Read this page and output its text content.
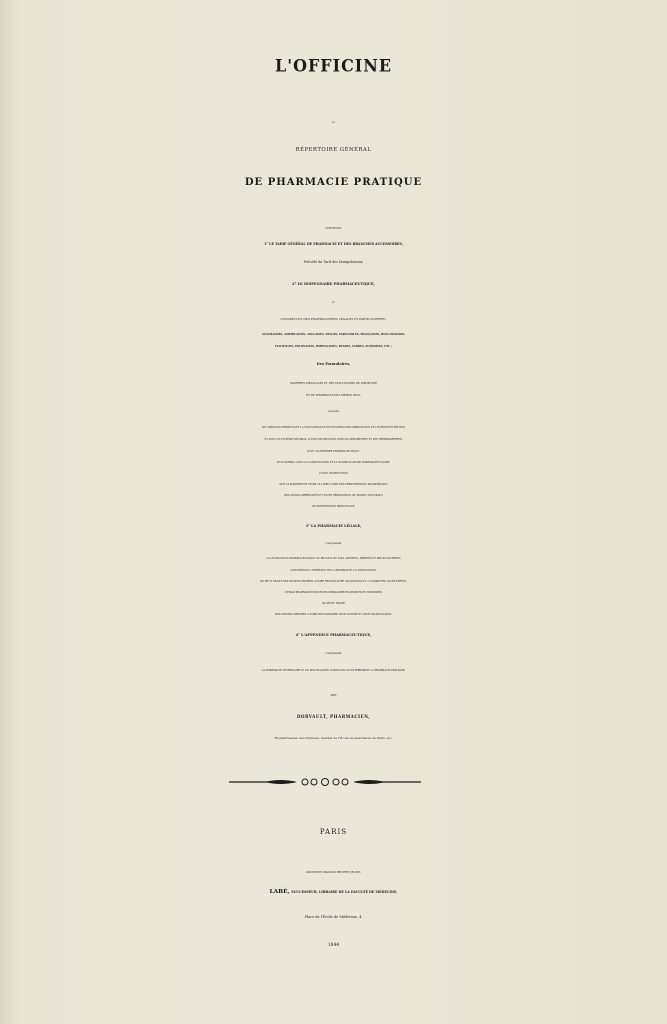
L'OFFICINE
OU
RÉPERTOIRE GÉNÉRAL
DE PHARMACIE PRATIQUE
CONTENANT
1° LE TARIF GÉNÉRAL DE PHARMACIE ET DES BRANCHES ACCESSOIRES,
Précédé du Tarif des Manipulations;
2° LE DISPENSAIRE PHARMACEUTIQUE,
OU
CONSPECTUS DES PHARMACOPÉES LÉGALES ET PARTICULIÈRES :
ALLEMANDES, AMÉRICAINES, ANGLAISES, BELGES, ESPAGNOLES, FRANÇAISES, HOLLANDAISES,
ITALIENNES, POLONAISES, PORTUGAISES, RUSSES, SARDES, SUÉDOISES, ETC.;
Des Formulaires,
MATIÈRES MÉDICALES ET RECUEILS DIVERS DE MÉDECINE
ET DE PHARMACIE DES MÊMES PAYS;
précédé
DE TABLEAUX PRÉSENTANT LA CONCORDANCE DES DIVERS POIDS MÉDICINAUX DE L'EUROPE ENTRE EUX
ET AVEC LE SYSTÈME DÉCIMAL; D'UNE INSTRUCTION SUR LES ARÉOMÈTRES ET LES THERMOMÈTRES;
D'UN CALENDRIER PHARMACEUTIQUE;
D'UN APERÇU SUR LA CLASSIFICATION ET LA NOMENCLATURE PHARMACEUTIQUES;
D'UNE INSTRUCTION
SUR LA MANIÈRE DE TENIR LE LIVRE-COPIE DES PRESCRIPTIONS MAGISTRALES;
DES SIGNES ABRÉVIATIFS ET D'UNE PROPOSITION DE SIGNES NOUVEAUX
DE PONDÉRATION MÉDICINALE;
3° LA PHARMACIE LÉGALE,
comprenant
LA LÉGISLATION PHARMACEUTIQUE OU RECUEIL DE LOIS, DÉCRETS, ARRÊTÉS ET PIÈCES DIVERSES
CONCERNANT L'EXERCICE DE LA PHARMACIE; LA TOXICOLOGIE,
OU PETIT TRAITÉ DES MOYENS PROPRES A FAIRE RECONNAITRE LES POISONS ET A COMBATTRE LEURS EFFETS;
L'ESSAI PHARMACEUTIQUE DES MÉDICAMENTS SIMPLES ET COMPOSÉS,
OU PETIT TRAITÉ
DES MOYENS PROPRES A FAIRE RECONNAÎTRE LEUR NATURE ET LEUR FALSIFICATION;
4° L'APPENDICE PHARMACEUTIQUE,
comprenant
LA PHARMACIE VÉTÉRINAIRE ET UN MISCELLANÉE D'ARTICLES QUI INTÉRESSENT LA PHARMACIE PRATIQUE;
PAR
DORVAULT, PHARMACIEN,
Ex-pharmacien des hôpitaux, lauréat de l'École de pharmacie de Paris, etc.
PARIS
ANCIENNE MAISON BÉCHET JEUNE,
LABÉ, SUCCESSEUR, LIBRAIRE DE LA FACULTÉ DE MÉDECINE,
Place de l'École de Médecine, 4.
1844
